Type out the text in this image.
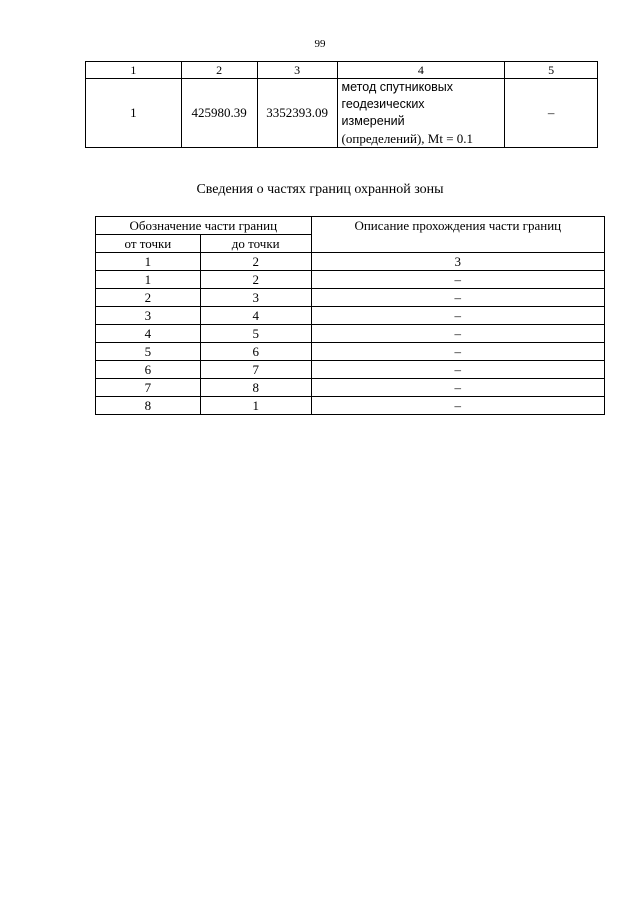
99
1	2	3	4	5
1	425980.39	3352393.09	метод спутниковых
геодезических
измерений
(определений), Mt = 0.1	–
Сведения о частях границ охранной зоны
Обозначение части границ		Описание прохождения части границ
от точки	до точки	
1	2	3
1	2	–
2	3	–
3	4	–
4	5	–
5	6	–
6	7	–
7	8	–
8	1	–
